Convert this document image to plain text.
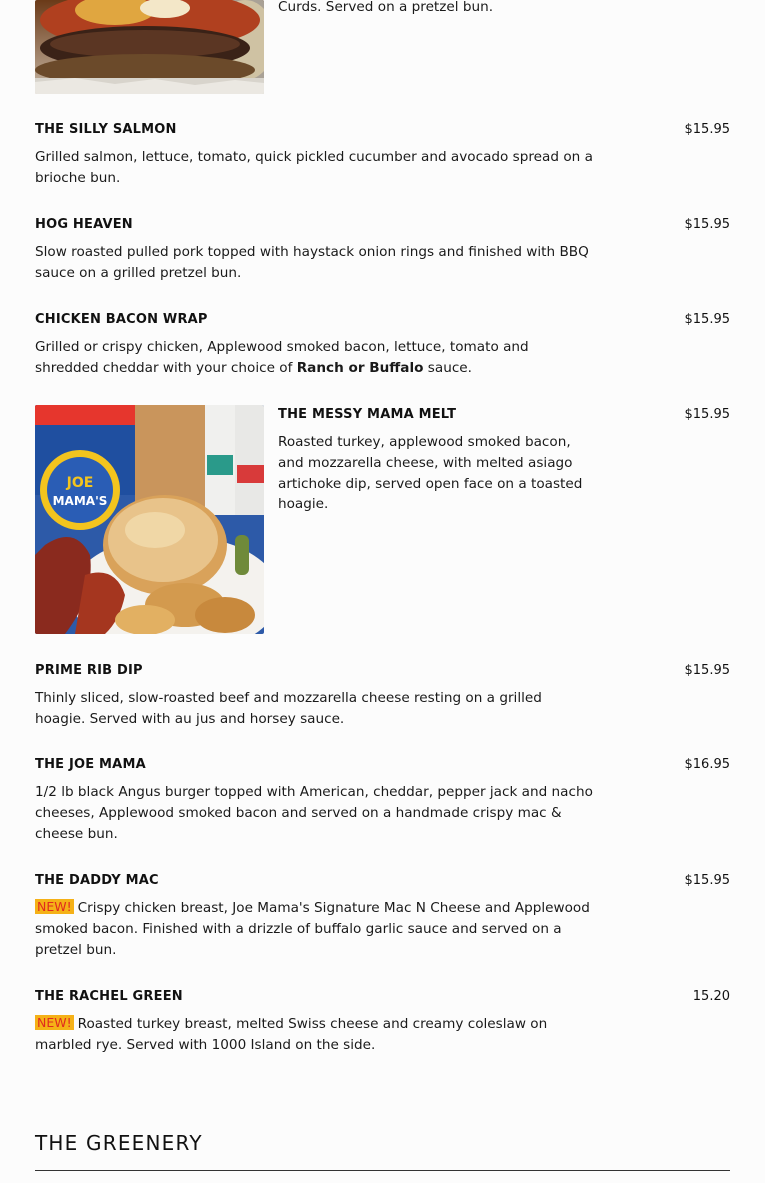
Curds. Served on a pretzel bun.
THE SILLY SALMON	$15.95
Grilled salmon, lettuce, tomato, quick pickled cucumber and avocado spread on a brioche bun.
HOG HEAVEN	$15.95
Slow roasted pulled pork topped with haystack onion rings and finished with BBQ sauce on a grilled pretzel bun.
CHICKEN BACON WRAP	$15.95
Grilled or crispy chicken, Applewood smoked bacon, lettuce, tomato and shredded cheddar with your choice of Ranch or Buffalo sauce.
JOE
MAMA'S
THE MESSY MAMA MELT	$15.95
Roasted turkey, applewood smoked bacon, and mozzarella cheese, with melted asiago artichoke dip, served open face on a toasted hoagie.
PRIME RIB DIP	$15.95
Thinly sliced, slow-roasted beef and mozzarella cheese resting on a grilled hoagie. Served with au jus and horsey sauce.
THE JOE MAMA	$16.95
1/2 lb black Angus burger topped with American, cheddar, pepper jack and nacho cheeses, Applewood smoked bacon and served on a handmade crispy mac & cheese bun.
THE DADDY MAC	$15.95
NEW! Crispy chicken breast, Joe Mama's Signature Mac N Cheese and Applewood smoked bacon. Finished with a drizzle of buffalo garlic sauce and served on a pretzel bun.
THE RACHEL GREEN	15.20
NEW! Roasted turkey breast, melted Swiss cheese and creamy coleslaw on marbled rye. Served with 1000 Island on the side.
THE GREENERY
